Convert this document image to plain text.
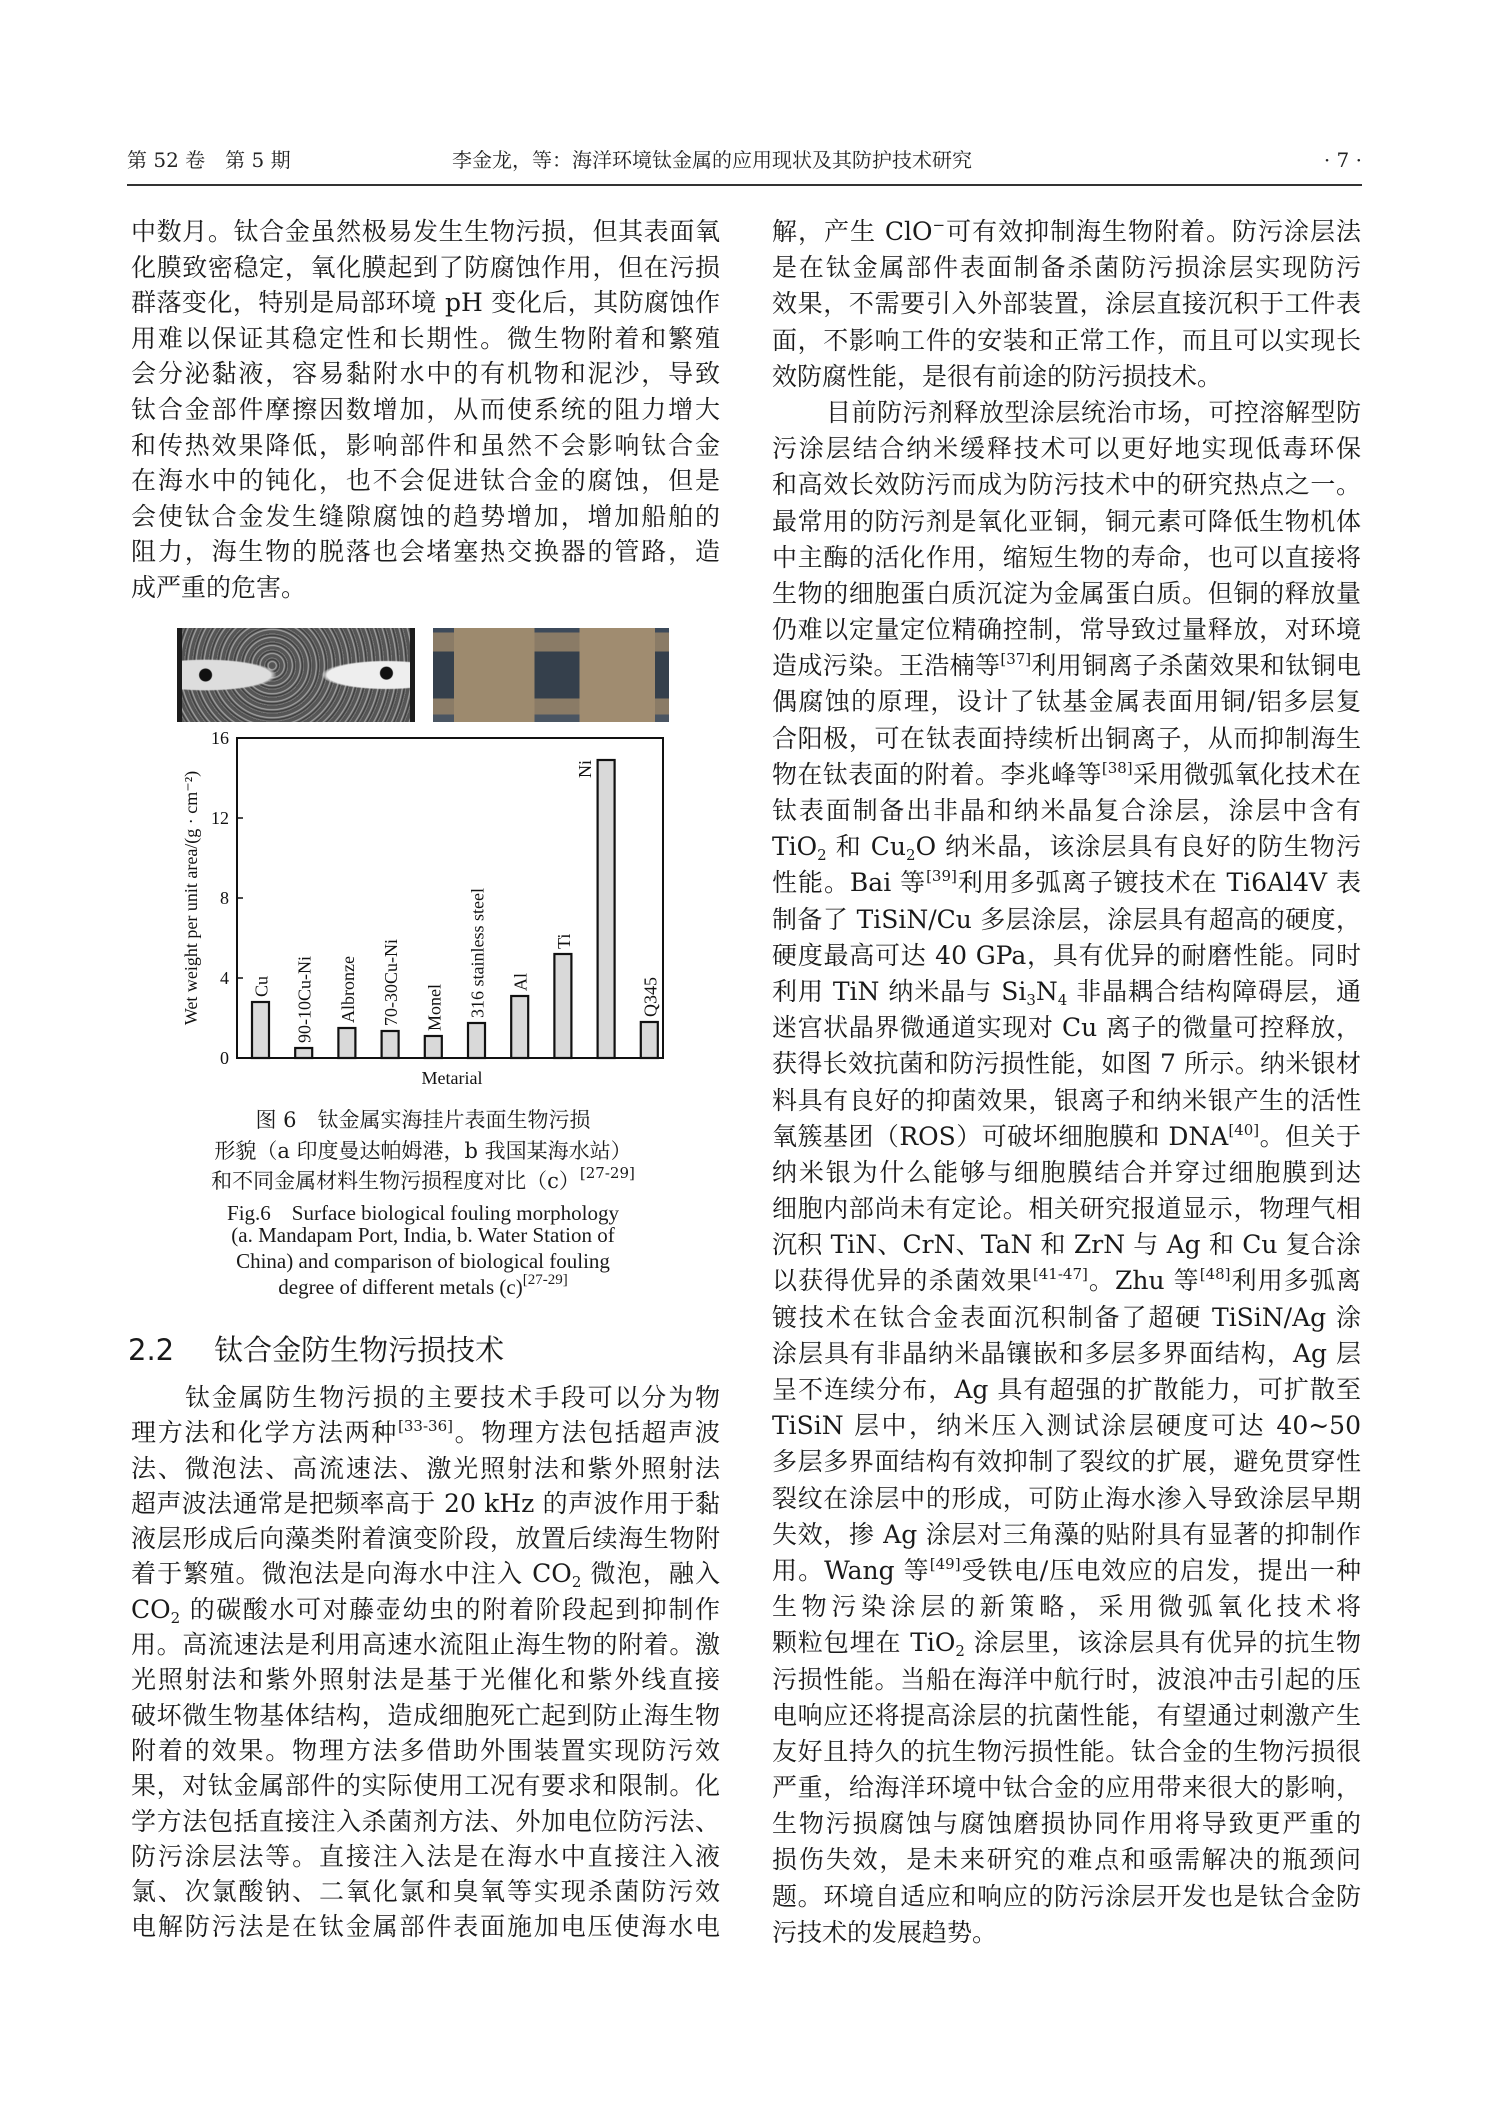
第 52 卷　第 5 期	李金龙，等：海洋环境钛金属的应用现状及其防护技术研究	· 7 ·
中数月。钛合金虽然极易发生生物污损，但其表面氧
化膜致密稳定，氧化膜起到了防腐蚀作用，但在污损
群落变化，特别是局部环境 pH 变化后，其防腐蚀作
用难以保证其稳定性和长期性。微生物附着和繁殖
会分泌黏液，容易黏附水中的有机物和泥沙，导致
钛合金部件摩擦因数增加，从而使系统的阻力增大
和传热效果降低，影响部件和虽然不会影响钛合金
在海水中的钝化，也不会促进钛合金的腐蚀，但是
会使钛合金发生缝隙腐蚀的趋势增加，增加船舶的
阻力，海生物的脱落也会堵塞热交换器的管路，造
成严重的危害。
钛金属防生物污损的主要技术手段可以分为物
理方法和化学方法两种[33-36]。物理方法包括超声波
法、微泡法、高流速法、激光照射法和紫外照射法
超声波法通常是把频率高于 20 kHz 的声波作用于黏
液层形成后向藻类附着演变阶段，放置后续海生物附
着于繁殖。微泡法是向海水中注入 $CO_2$ 微泡，融入
$CO_2$ 的碳酸水可对藤壶幼虫的附着阶段起到抑制作
用。高流速法是利用高速水流阻止海生物的附着。激
光照射法和紫外照射法是基于光催化和紫外线直接
破坏微生物基体结构，造成细胞死亡起到防止海生物
附着的效果。物理方法多借助外围装置实现防污效
果，对钛金属部件的实际使用工况有要求和限制。化
学方法包括直接注入杀菌剂方法、外加电位防污法、
防污涂层法等。直接注入法是在海水中直接注入液
氯、次氯酸钠、二氧化氯和臭氧等实现杀菌防污效
电解防污法是在钛金属部件表面施加电压使海水电
解，产生 ClO−可有效抑制海生物附着。防污涂层法
是在钛金属部件表面制备杀菌防污损涂层实现防污
效果，不需要引入外部装置，涂层直接沉积于工件表
面，不影响工件的安装和正常工作，而且可以实现长
效防腐性能，是很有前途的防污损技术。
目前防污剂释放型涂层统治市场，可控溶解型防
污涂层结合纳米缓释技术可以更好地实现低毒环保
和高效长效防污而成为防污技术中的研究热点之一。
最常用的防污剂是氧化亚铜，铜元素可降低生物机体
中主酶的活化作用，缩短生物的寿命，也可以直接将
生物的细胞蛋白质沉淀为金属蛋白质。但铜的释放量
仍难以定量定位精确控制，常导致过量释放，对环境
造成污染。王浩楠等[37]利用铜离子杀菌效果和钛铜电
偶腐蚀的原理，设计了钛基金属表面用铜/铝多层复
合阳极，可在钛表面持续析出铜离子，从而抑制海生
物在钛表面的附着。李兆峰等[38]采用微弧氧化技术在
钛表面制备出非晶和纳米晶复合涂层，涂层中含有
TiO$_2$ 和 $Cu_2O$ 纳米晶，该涂层具有良好的防生物污
性能。Bai 等[39]利用多弧离子镀技术在 Ti6Al4V 表
制备了 TiSiN/Cu 多层涂层，涂层具有超高的硬度，
硬度最高可达 40 GPa，具有优异的耐磨性能。同时
利用 TiN 纳米晶与 $Si_3N_4$ 非晶耦合结构障碍层，通
迷宫状晶界微通道实现对 Cu 离子的微量可控释放，
获得长效抗菌和防污损性能，如图 7 所示。纳米银材
料具有良好的抑菌效果，银离子和纳米银产生的活性
氧簇基团（ROS）可破坏细胞膜和 DNA[40]。但关于
纳米银为什么能够与细胞膜结合并穿过细胞膜到达
细胞内部尚未有定论。相关研究报道显示，物理气相
沉积 TiN、CrN、TaN 和 ZrN 与 Ag 和 Cu 复合涂
以获得优异的杀菌效果[41-47]。Zhu 等[48]利用多弧离
镀技术在钛合金表面沉积制备了超硬 TiSiN/Ag 涂
涂层具有非晶纳米晶镶嵌和多层多界面结构，Ag 层
呈不连续分布，Ag 具有超强的扩散能力，可扩散至
TiSiN 层中，纳米压入测试涂层硬度可达 40~50
多层多界面结构有效抑制了裂纹的扩展，避免贯穿性
裂纹在涂层中的形成，可防止海水渗入导致涂层早期
失效，掺 Ag 涂层对三角藻的贴附具有显著的抑制作
用。Wang 等[49]受铁电/压电效应的启发，提出一种
生物污染涂层的新策略，采用微弧氧化技术将
颗粒包埋在 TiO$_2$ 涂层里，该涂层具有优异的抗生物
污损性能。当船在海洋中航行时，波浪冲击引起的压
电响应还将提高涂层的抗菌性能，有望通过刺激产生
友好且持久的抗生物污损性能。钛合金的生物污损很
严重，给海洋环境中钛合金的应用带来很大的影响，
生物污损腐蚀与腐蚀磨损协同作用将导致更严重的
损伤失效，是未来研究的难点和亟需解决的瓶颈问
题。环境自适应和响应的防污涂层开发也是钛合金防
污技术的发展趋势。
0
4
8
12
16
Cu 90-10Cu-Ni Albronze 70-30Cu-Ni Monel 316 stainless steel Al
Ti
Ni
Q345
Wet weight per unit area/(g · cm⁻²)
Metarial
图 6　钛金属实海挂片表面生物污损
形貌（a 印度曼达帕姆港，b 我国某海水站）
和不同金属材料生物污损程度对比（c）[27-29]
Fig.6　Surface biological fouling morphology
(a. Mandapam Port, India, b. Water Station of
China) and comparison of biological fouling
degree of different metals (c)[27-29]
2.2 钛合金防生物污损技术
